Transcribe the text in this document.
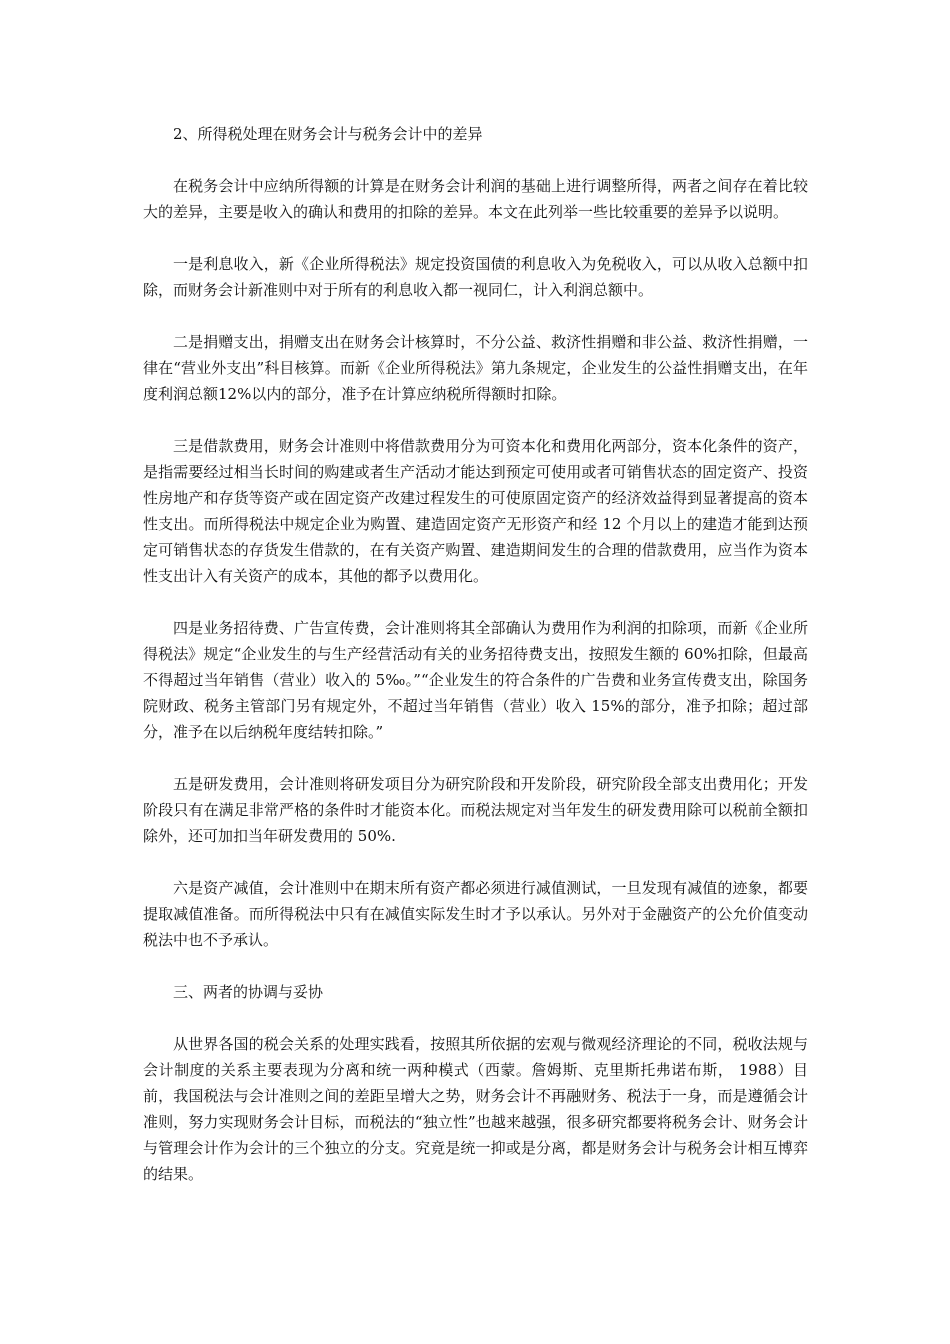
2、所得税处理在财务会计与税务会计中的差异

在税务会计中应纳所得额的计算是在财务会计利润的基础上进行调整所得，两者之间存在着比较大的差异，主要是收入的确认和费用的扣除的差异。本文在此列举一些比较重要的差异予以说明。

一是利息收入，新《企业所得税法》规定投资国债的利息收入为免税收入，可以从收入总额中扣除，而财务会计新准则中对于所有的利息收入都一视同仁，计入利润总额中。

二是捐赠支出，捐赠支出在财务会计核算时，不分公益、救济性捐赠和非公益、救济性捐赠，一律在“营业外支出”科目核算。而新《企业所得税法》第九条规定，企业发生的公益性捐赠支出，在年度利润总额12%以内的部分，准予在计算应纳税所得额时扣除。

三是借款费用，财务会计准则中将借款费用分为可资本化和费用化两部分，资本化条件的资产，是指需要经过相当长时间的购建或者生产活动才能达到预定可使用或者可销售状态的固定资产、投资性房地产和存货等资产或在固定资产改建过程发生的可使原固定资产的经济效益得到显著提高的资本性支出。而所得税法中规定企业为购置、建造固定资产无形资产和经 12 个月以上的建造才能到达预定可销售状态的存货发生借款的，在有关资产购置、建造期间发生的合理的借款费用，应当作为资本性支出计入有关资产的成本，其他的都予以费用化。

四是业务招待费、广告宣传费，会计准则将其全部确认为费用作为利润的扣除项，而新《企业所得税法》规定“企业发生的与生产经营活动有关的业务招待费支出，按照发生额的 60%扣除，但最高不得超过当年销售（营业）收入的 5‰。”“企业发生的符合条件的广告费和业务宣传费支出，除国务院财政、税务主管部门另有规定外，不超过当年销售（营业）收入 15%的部分，准予扣除；超过部分，准予在以后纳税年度结转扣除。”

五是研发费用，会计准则将研发项目分为研究阶段和开发阶段，研究阶段全部支出费用化；开发阶段只有在满足非常严格的条件时才能资本化。而税法规定对当年发生的研发费用除可以税前全额扣除外，还可加扣当年研发费用的 50%.

六是资产减值，会计准则中在期末所有资产都必须进行减值测试，一旦发现有减值的迹象，都要提取减值准备。而所得税法中只有在减值实际发生时才予以承认。另外对于金融资产的公允价值变动税法中也不予承认。

三、两者的协调与妥协

从世界各国的税会关系的处理实践看，按照其所依据的宏观与微观经济理论的不同，税收法规与会计制度的关系主要表现为分离和统一两种模式（西蒙。詹姆斯、克里斯托弗诺布斯， 1988）目前，我国税法与会计准则之间的差距呈增大之势，财务会计不再融财务、税法于一身，而是遵循会计准则，努力实现财务会计目标，而税法的“独立性”也越来越强，很多研究都要将税务会计、财务会计与管理会计作为会计的三个独立的分支。究竟是统一抑或是分离，都是财务会计与税务会计相互博弈的结果。
